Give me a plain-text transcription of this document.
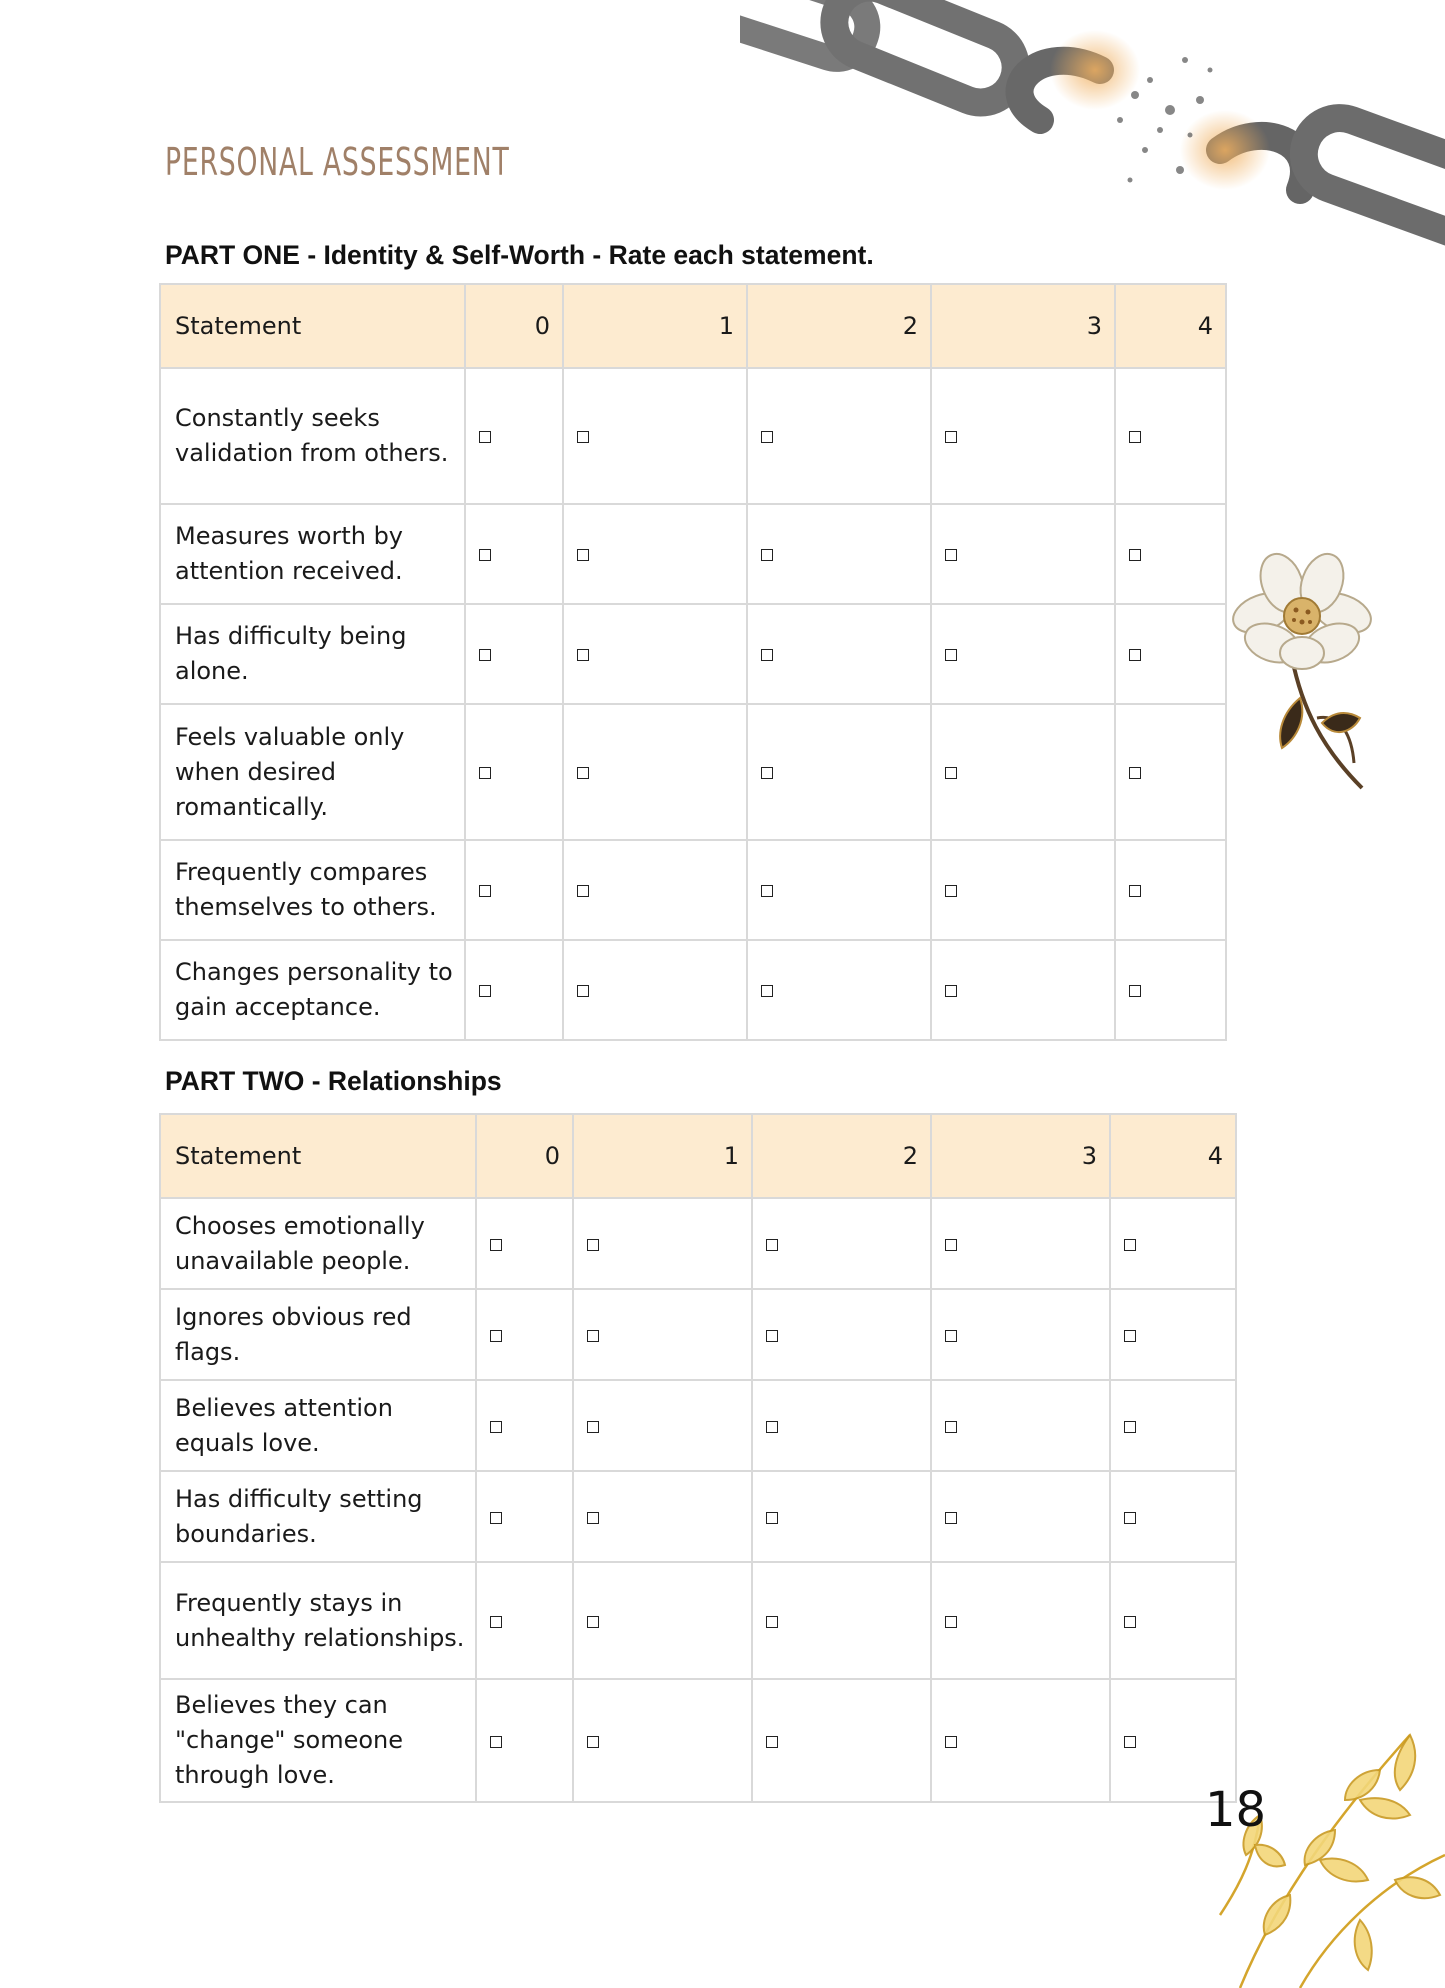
PERSONAL ASSESSMENT
PART ONE - Identity & Self-Worth - Rate each statement.
Statement	0	1	2	3	4
Constantly seeks validation from others.					
Measures worth by attention received.					
Has difficulty being alone.					
Feels valuable only when desired romantically.					
Frequently compares themselves to others.					
Changes personality to gain acceptance.					
PART TWO - Relationships
Statement	0	1	2	3	4
Chooses emotionally unavailable people.					
Ignores obvious red flags.					
Believes attention equals love.					
Has difficulty setting boundaries.					
Frequently stays in unhealthy relationships.					
Believes they can "change" someone through love.					
18
